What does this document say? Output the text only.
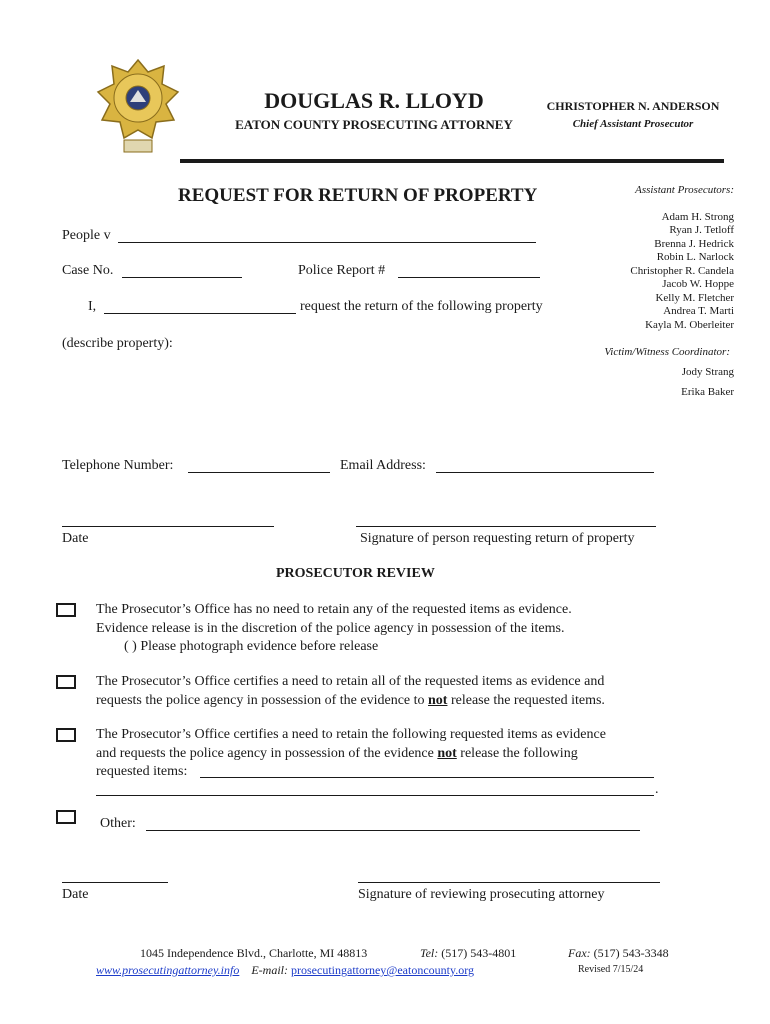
DOUGLAS R. LLOYD
EATON COUNTY PROSECUTING ATTORNEY
CHRISTOPHER N. ANDERSON
Chief Assistant Prosecutor
REQUEST FOR RETURN OF PROPERTY	Assistant Prosecutors:
Adam H. Strong
Ryan J. Tetloff
Brenna J. Hedrick
Robin L. Narlock
Christopher R. Candela
Jacob W. Hoppe
Kelly M. Fletcher
Andrea T. Marti
Kayla M. Oberleiter
Victim/Witness Coordinator:
Jody Strang
Erika Baker
People v
Case No.	Police Report #
I,	request the return of the following property
(describe property):
Telephone Number:	Email Address:
Date	Signature of person requesting return of property
PROSECUTOR REVIEW
The Prosecutor’s Office has no need to retain any of the requested items as evidence.
Evidence release is in the discretion of the police agency in possession of the items.
( ) Please photograph evidence before release
The Prosecutor’s Office certifies a need to retain all of the requested items as evidence and
requests the police agency in possession of the evidence to not release the requested items.
The Prosecutor’s Office certifies a need to retain the following requested items as evidence
and requests the police agency in possession of the evidence not release the following
requested items:
.
Other:
Date	Signature of reviewing prosecuting attorney
1045 Independence Blvd., Charlotte, MI 48813	Tel: (517) 543-4801	Fax: (517) 543-3348
www.prosecutingattorney.info E-mail: prosecutingattorney@eatoncounty.org	Revised 7/15/24
